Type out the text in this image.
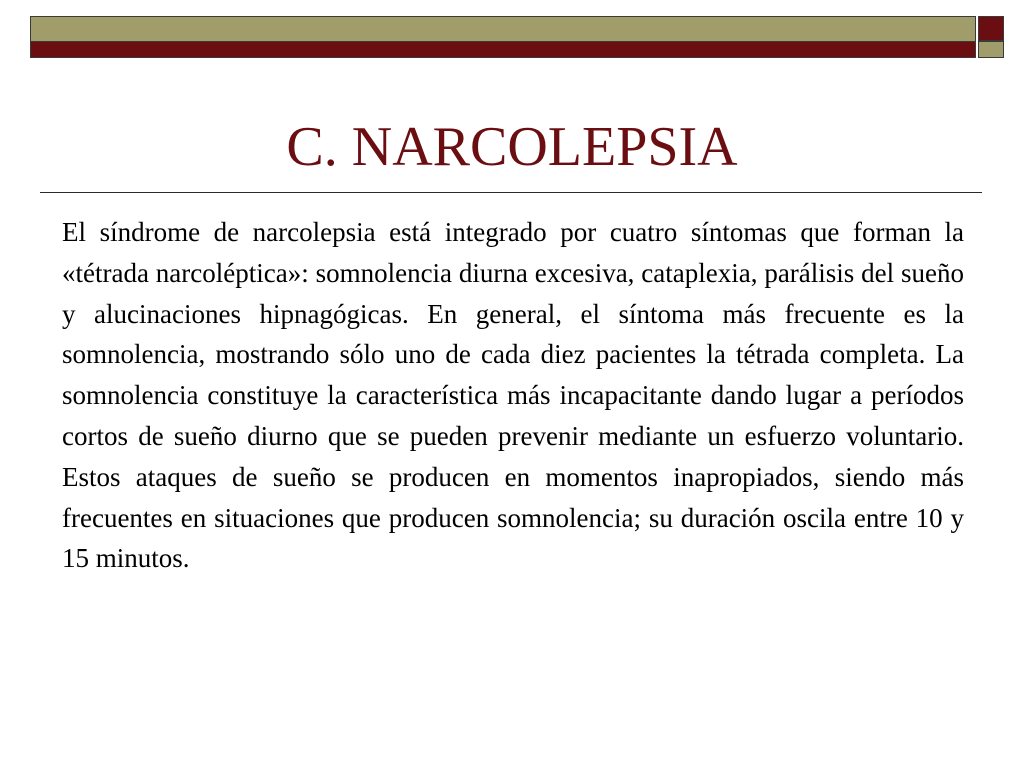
C. NARCOLEPSIA

El síndrome de narcolepsia está integrado por cuatro síntomas que forman la «tétrada narcoléptica»: somnolencia diurna excesiva, cataplexia, parálisis del sueño y alucinaciones hipnagógicas. En general, el síntoma más frecuente es la somnolencia, mostrando sólo uno de cada diez pacientes la tétrada completa. La somnolencia constituye la característica más incapacitante dando lugar a períodos cortos de sueño diurno que se pueden prevenir mediante un esfuerzo voluntario. Estos ataques de sueño se producen en momentos inapropiados, siendo más frecuentes en situaciones que producen somnolencia; su duración oscila entre 10 y 15 minutos.
